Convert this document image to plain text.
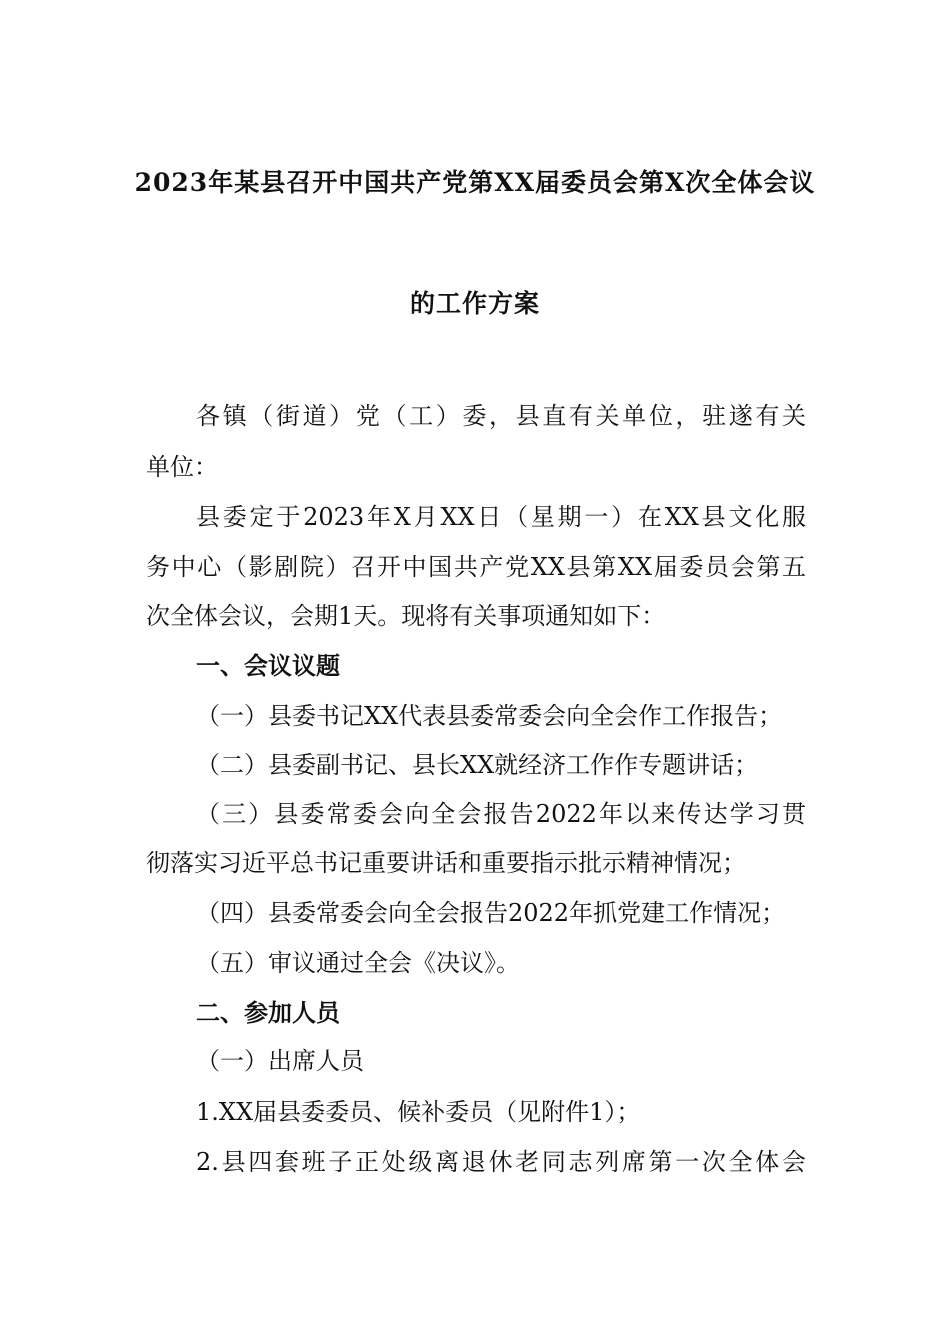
2023年某县召开中国共产党第XX届委员会第X次全体会议
的工作方案
各镇（街道）党（工）委，县直有关单位，驻遂有关
单位：
县委定于2023年X月XX日（星期一）在XX县文化服
务中心（影剧院）召开中国共产党XX县第XX届委员会第五
次全体会议，会期1天。现将有关事项通知如下：
一、会议议题
（一）县委书记XX代表县委常委会向全会作工作报告；
（二）县委副书记、县长XX就经济工作作专题讲话；
（三）县委常委会向全会报告2022年以来传达学习贯
彻落实习近平总书记重要讲话和重要指示批示精神情况；
（四）县委常委会向全会报告2022年抓党建工作情况；
（五）审议通过全会《决议》。
二、参加人员
（一）出席人员
1.XX届县委委员、候补委员（见附件1）；
2.县四套班子正处级离退休老同志列席第一次全体会
